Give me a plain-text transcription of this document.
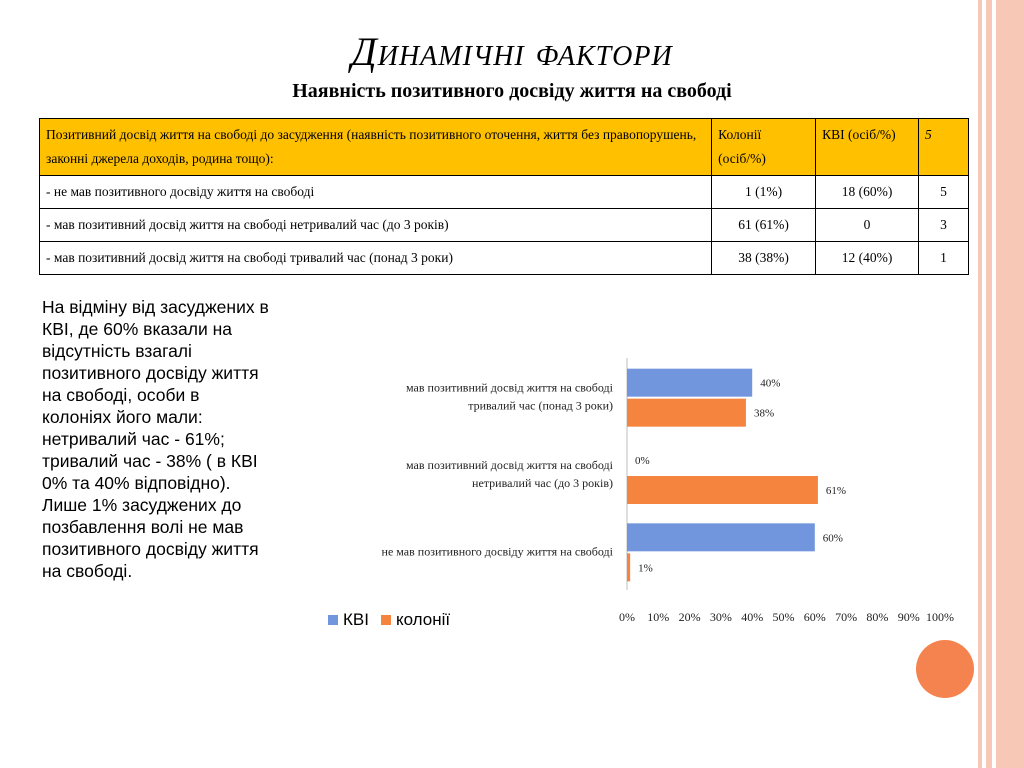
Динамічні фактори
Наявність позитивного досвіду життя на свободі
Позитивний досвід життя на свободі до засудження (наявність позитивного оточення, життя без правопорушень, законні джерела доходів, родина тощо):	Колонії (осіб/%)	КВІ (осіб/%)	5
- не мав позитивного досвіду життя на свободі	1 (1%)	18 (60%)	5
- мав позитивний досвід життя на свободі нетривалий час (до 3 років)	61 (61%)	0	3
- мав позитивний досвід життя на свободі тривалий час (понад 3 роки)	38 (38%)	12 (40%)	1
На відміну від засуджених в КВІ, де 60% вказали на відсутність взагалі позитивного досвіду життя на свободі, особи в колоніях його мали: нетривалий час - 61%; тривалий час - 38% ( в КВІ 0% та 40% відповідно). Лише 1% засуджених до позбавлення волі не мав позитивного досвіду життя на свободі.
60%
1%
не мав позитивного досвіду життя на свободі
0%
61%
мав позитивний досвід життя на свободі
нетривалий час (до 3 років)
40%
38%
мав позитивний досвід життя на свободі
тривалий час (понад 3 роки)
0% 10% 20% 30% 40% 50% 60% 70% 80% 90% 100%
КВІ колонії
